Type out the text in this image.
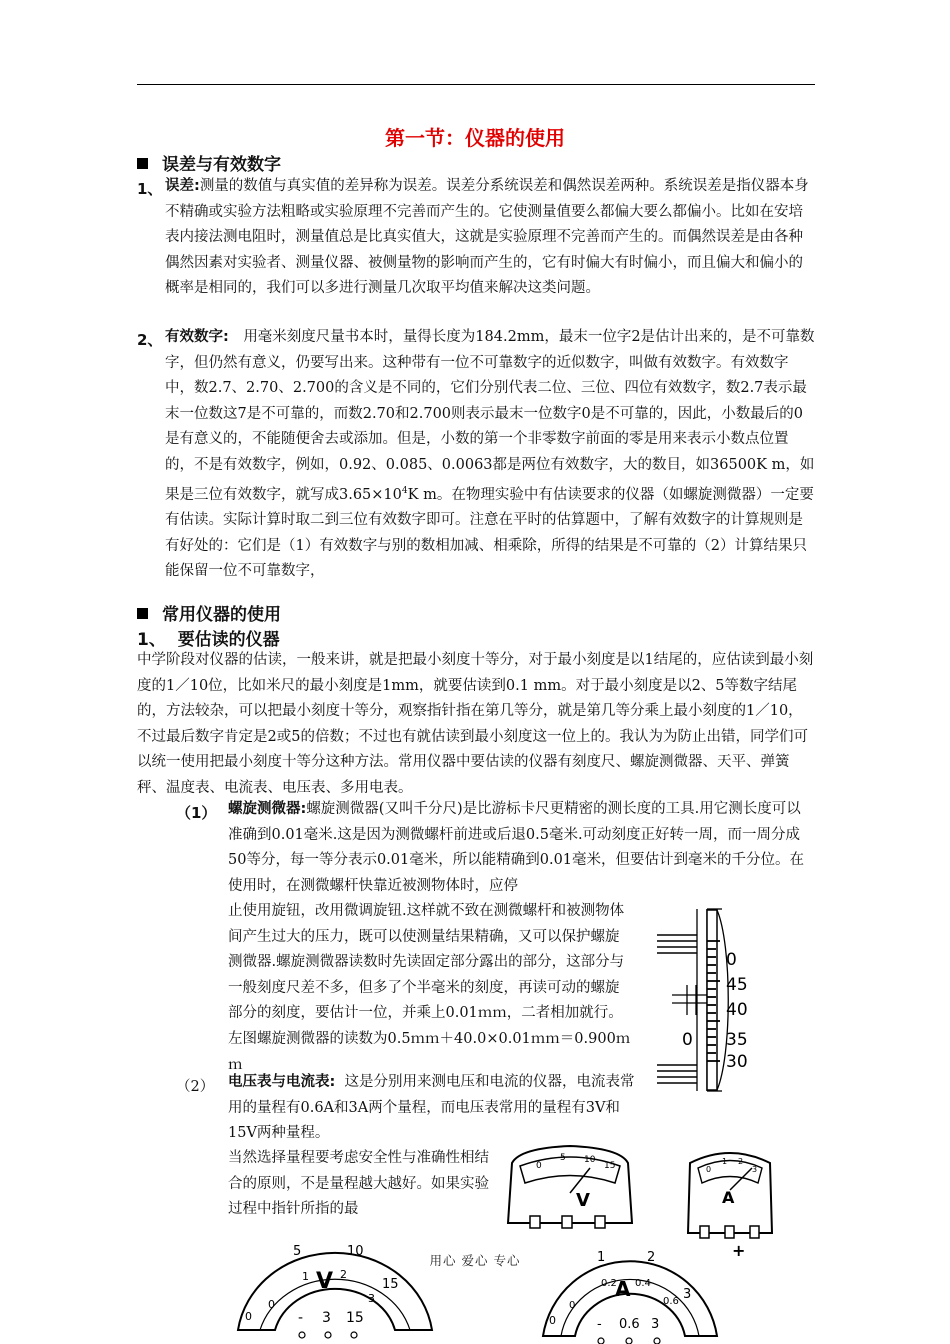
第一节：仪器的使用
误差与有效数字
1、 误差:测量的数值与真实值的差异称为误差。误差分系统误差和偶然误差两种。系统误差是指仪器本身不精确或实验方法粗略或实验原理不完善而产生的。它使测量值要么都偏大要么都偏小。比如在安培表内接法测电阻时，测量值总是比真实值大，这就是实验原理不完善而产生的。而偶然误差是由各种偶然因素对实验者、测量仪器、被侧量物的影响而产生的，它有时偏大有时偏小，而且偏大和偏小的概率是相同的，我们可以多进行测量几次取平均值来解决这类问题。

2、 有效数字:　 用毫米刻度尺量书本时，量得长度为184.2mm，最末一位字2是估计出来的，是不可靠数字，但仍然有意义，仍要写出来。这种带有一位不可靠数字的近似数字，叫做有效数字。有效数字中，数2.7、2.70、2.700的含义是不同的，它们分别代表二位、三位、四位有效数字，数2.7表示最末一位数这7是不可靠的，而数2.70和2.700则表示最末一位数字0是不可靠的，因此，小数最后的0是有意义的，不能随便舍去或添加。但是，小数的第一个非零数字前面的零是用来表示小数点位置的，不是有效数字，例如，0.92、0.085、0.0063都是两位有效数字，大的数目，如36500K m，如果是三位有效数字，就写成$3.65\times 10^4K$ m。在物理实验中有估读要求的仪器（如螺旋测微器）一定要有估读。实际计算时取二到三位有效数字即可。注意在平时的估算题中，了解有效数字的计算规则是有好处的：它们是（1）有效数字与别的数相加减、相乘除，所得的结果是不可靠的（2）计算结果只能保留一位不可靠数字，

常用仪器的使用
1、 要估读的仪器

中学阶段对仪器的估读，一般来讲，就是把最小刻度十等分，对于最小刻度是以1结尾的，应估读到最小刻度的1／10位，比如米尺的最小刻度是1mm，就要估读到0.1 mm。对于最小刻度是以2、5等数字结尾的，方法较杂，可以把最小刻度十等分，观察指针指在第几等分，就是第几等分乘上最小刻度的1／10，不过最后数字肯定是2或5的倍数；不过也有就估读到最小刻度这一位上的。我认为为防止出错，同学们可以统一使用把最小刻度十等分这种方法。常用仪器中要估读的仪器有刻度尺、螺旋测微器、天平、弹簧秤、温度表、电流表、电压表、多用电表。

（1） 螺旋测微器:螺旋测微器(又叫千分尺)是比游标卡尺更精密的测长度的工具.用它测长度可以准确到0.01毫米.这是因为测微螺杆前进或后退0.5毫米.可动刻度正好转一周，而一周分成50等分，每一等分表示0.01毫米，所以能精确到0.01毫米，但要估计到毫米的千分位。在使用时，在测微螺杆快靠近被测物体时，应停

止使用旋钮，改用微调旋钮.这样就不致在测微螺杆和被测物体间产生过大的压力，既可以使测量结果精确，又可以保护螺旋测微器.螺旋测微器读数时先读固定部分露出的部分，这部分与一般刻度尺差不多，但多了个半毫米的刻度，再读可动的螺旋部分的刻度，要估计一位，并乘上0.01ｍｍ，二者相加就行。左图螺旋测微器的读数为0.5ｍｍ＋40.0×0.01ｍｍ＝0.900ｍｍ

0
0
45
40
35
30
（2） 电压表与电流表: 这是分别用来测电压和电流的仪器，电流表常用的量程有0.6A和3A两个量程，而电压表常用的量程有3V和15V两种量程。

当然选择量程要考虑安全性与准确性相结合的原则，不是量程越大越好。如果实验过程中指针所指的最

0
5 10
15
V
0
1 2
3
A
+
0
5	10
15
0
1	2
3
V
- 3 15	0
1	2
3
0
0.2 0.4
0.6
A
- 0.6 3
用心 爱心 专心
